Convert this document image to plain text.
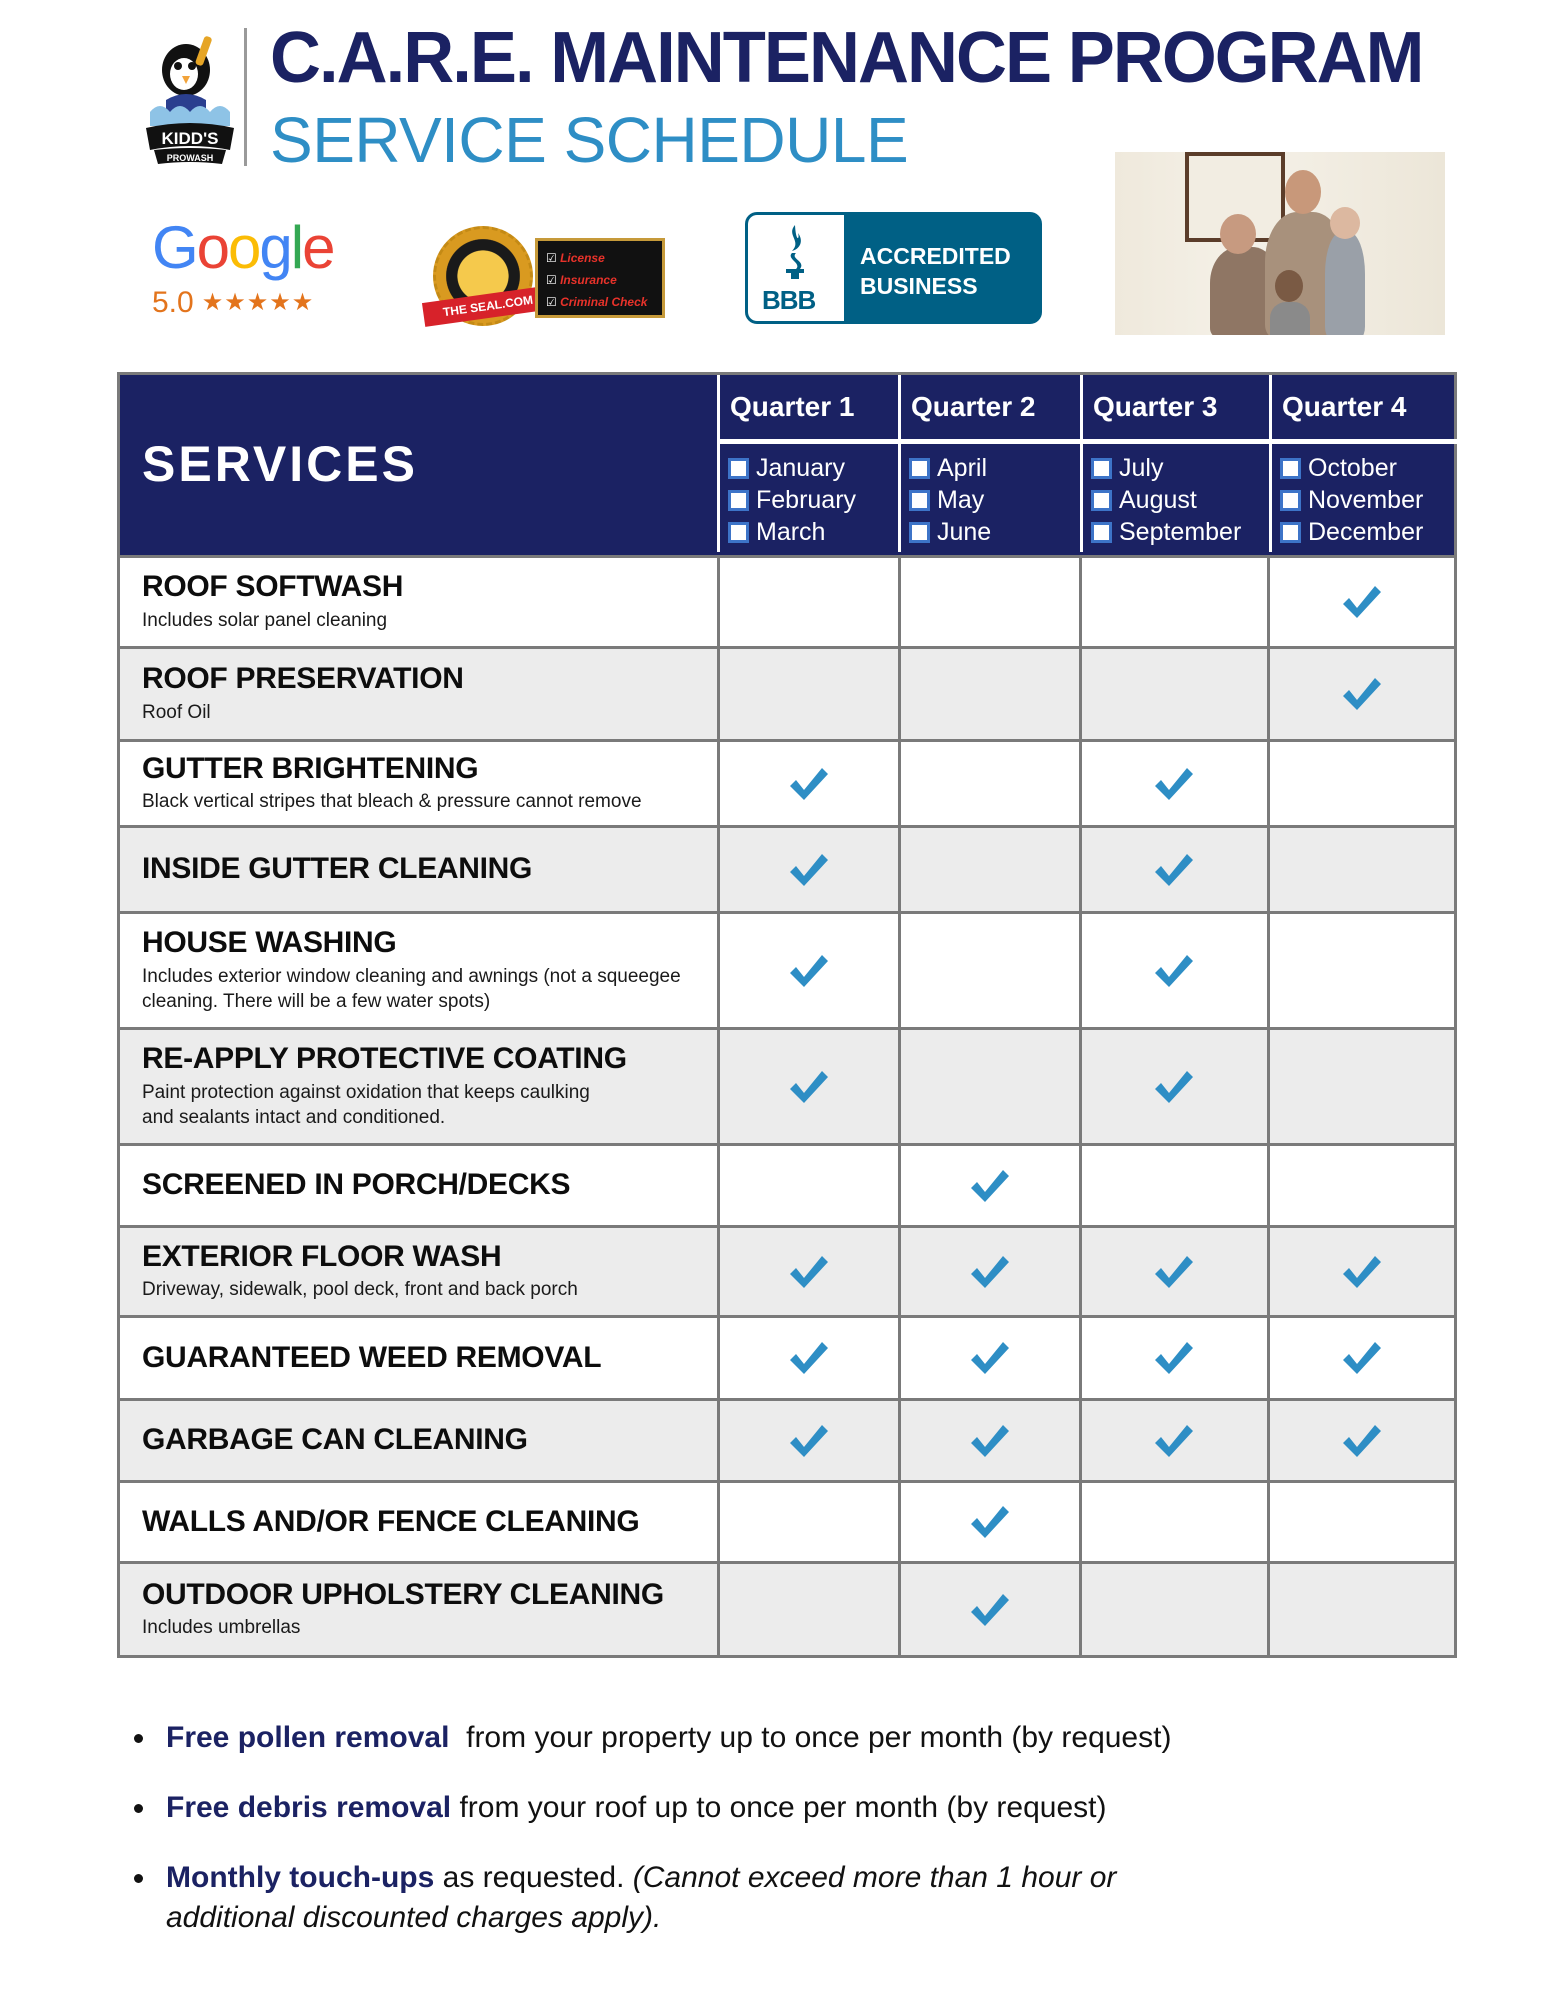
KIDD'S
PROWASH
C.A.R.E. MAINTENANCE PROGRAM
SERVICE SCHEDULE
Google
5.0 ★★★★★	THE SEAL.COM
☑ License
☑ Insurance
☑ Criminal Check	BBB
ACCREDITED
BUSINESS
SERVICES
Quarter 1
January
February
March
Quarter 2
April
May
June
Quarter 3
July
August
September
Quarter 4
October
November
December
ROOF SOFTWASH
Includes solar panel cleaning
ROOF PRESERVATION
Roof Oil
GUTTER BRIGHTENING
Black vertical stripes that bleach & pressure cannot remove
INSIDE GUTTER CLEANING
HOUSE WASHING
Includes exterior window cleaning and awnings (not a squeegee cleaning. There will be a few water spots)
RE-APPLY PROTECTIVE COATING
Paint protection against oxidation that keeps caulking and sealants intact and conditioned.
SCREENED IN PORCH/DECKS
EXTERIOR FLOOR WASH
Driveway, sidewalk, pool deck, front and back porch
GUARANTEED WEED REMOVAL
GARBAGE CAN CLEANING
WALLS AND/OR FENCE CLEANING
OUTDOOR UPHOLSTERY CLEANING
Includes umbrellas
Free pollen removal  from your property up to once per month (by request)
Free debris removal from your roof up to once per month (by request)
Monthly touch-ups as requested. (Cannot exceed more than 1 hour or additional discounted charges apply).
